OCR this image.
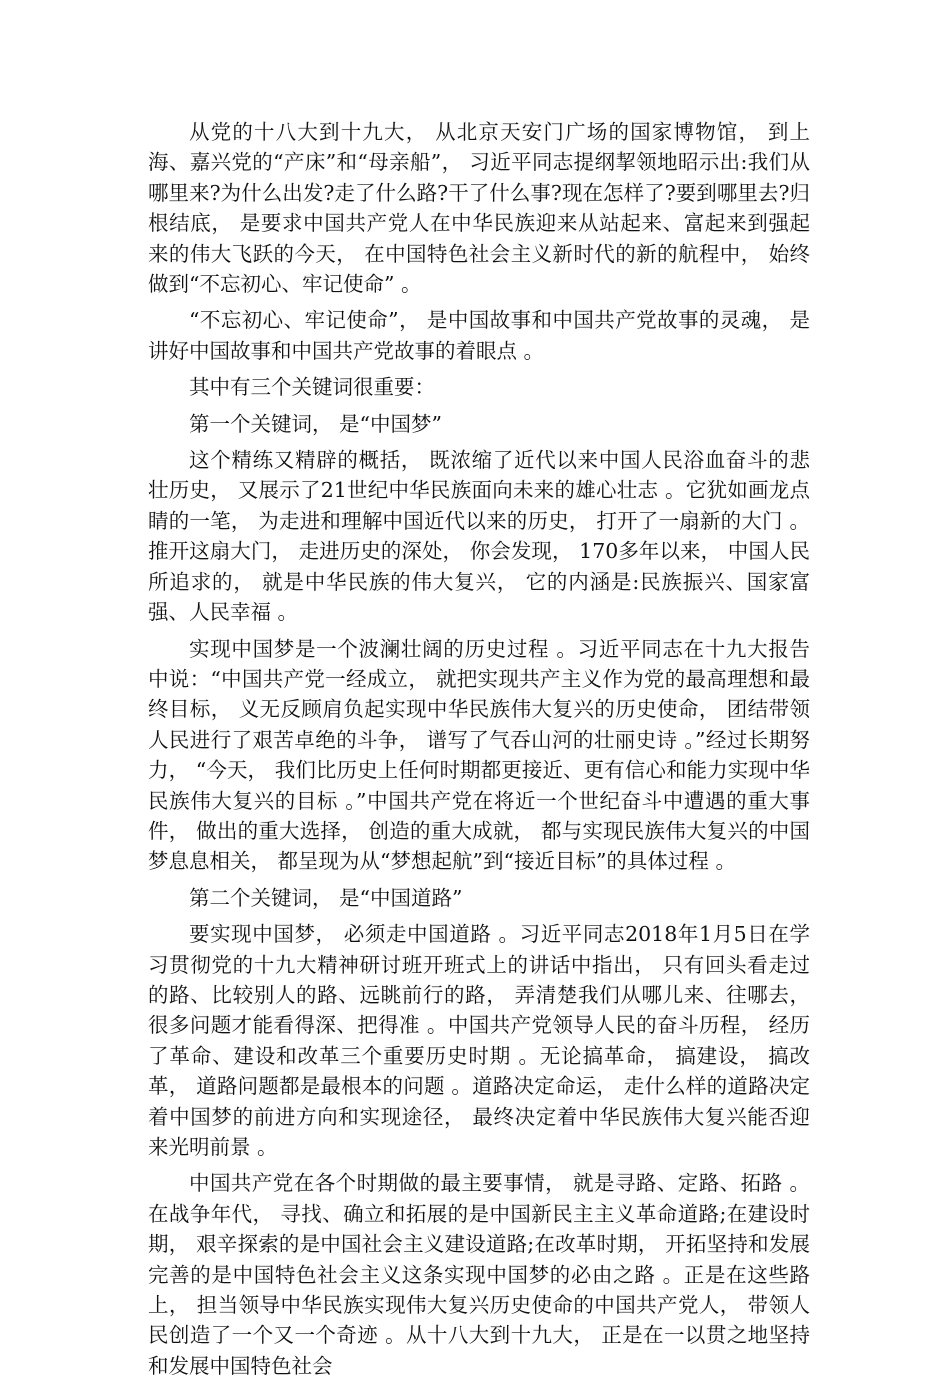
从党的十八大到十九大， 从北京天安门广场的国家博物馆， 到上海、嘉兴党的“产床”和“母亲船”， 习近平同志提纲挈领地昭示出:我们从哪里来?为什么出发?走了什么路?干了什么事?现在怎样了?要到哪里去?归根结底， 是要求中国共产党人在中华民族迎来从站起来、富起来到强起来的伟大飞跃的今天， 在中国特色社会主义新时代的新的航程中， 始终做到“不忘初心、牢记使命” 。

“不忘初心、牢记使命”， 是中国故事和中国共产党故事的灵魂， 是讲好中国故事和中国共产党故事的着眼点 。

其中有三个关键词很重要：

第一个关键词， 是“中国梦”

这个精练又精辟的概括， 既浓缩了近代以来中国人民浴血奋斗的悲壮历史， 又展示了21世纪中华民族面向未来的雄心壮志 。它犹如画龙点睛的一笔， 为走进和理解中国近代以来的历史， 打开了一扇新的大门 。推开这扇大门， 走进历史的深处， 你会发现， 170多年以来， 中国人民所追求的， 就是中华民族的伟大复兴， 它的内涵是:民族振兴、国家富强、人民幸福 。

实现中国梦是一个波澜壮阔的历史过程 。习近平同志在十九大报告中说：“中国共产党一经成立， 就把实现共产主义作为党的最高理想和最终目标， 义无反顾肩负起实现中华民族伟大复兴的历史使命， 团结带领人民进行了艰苦卓绝的斗争， 谱写了气吞山河的壮丽史诗 。”经过长期努力， “今天， 我们比历史上任何时期都更接近、更有信心和能力实现中华民族伟大复兴的目标 。”中国共产党在将近一个世纪奋斗中遭遇的重大事件， 做出的重大选择， 创造的重大成就， 都与实现民族伟大复兴的中国梦息息相关， 都呈现为从“梦想起航”到“接近目标”的具体过程 。

第二个关键词， 是“中国道路”

要实现中国梦， 必须走中国道路 。习近平同志2018年1月5日在学习贯彻党的十九大精神研讨班开班式上的讲话中指出， 只有回头看走过的路、比较别人的路、远眺前行的路， 弄清楚我们从哪儿来、往哪去， 很多问题才能看得深、把得准 。中国共产党领导人民的奋斗历程， 经历了革命、建设和改革三个重要历史时期 。无论搞革命， 搞建设， 搞改革， 道路问题都是最根本的问题 。道路决定命运， 走什么样的道路决定着中国梦的前进方向和实现途径， 最终决定着中华民族伟大复兴能否迎来光明前景 。

中国共产党在各个时期做的最主要事情， 就是寻路、定路、拓路 。在战争年代， 寻找、确立和拓展的是中国新民主主义革命道路;在建设时期， 艰辛探索的是中国社会主义建设道路;在改革时期， 开拓坚持和发展完善的是中国特色社会主义这条实现中国梦的必由之路 。正是在这些路上， 担当领导中华民族实现伟大复兴历史使命的中国共产党人， 带领人民创造了一个又一个奇迹 。从十八大到十九大， 正是在一以贯之地坚持和发展中国特色社会
